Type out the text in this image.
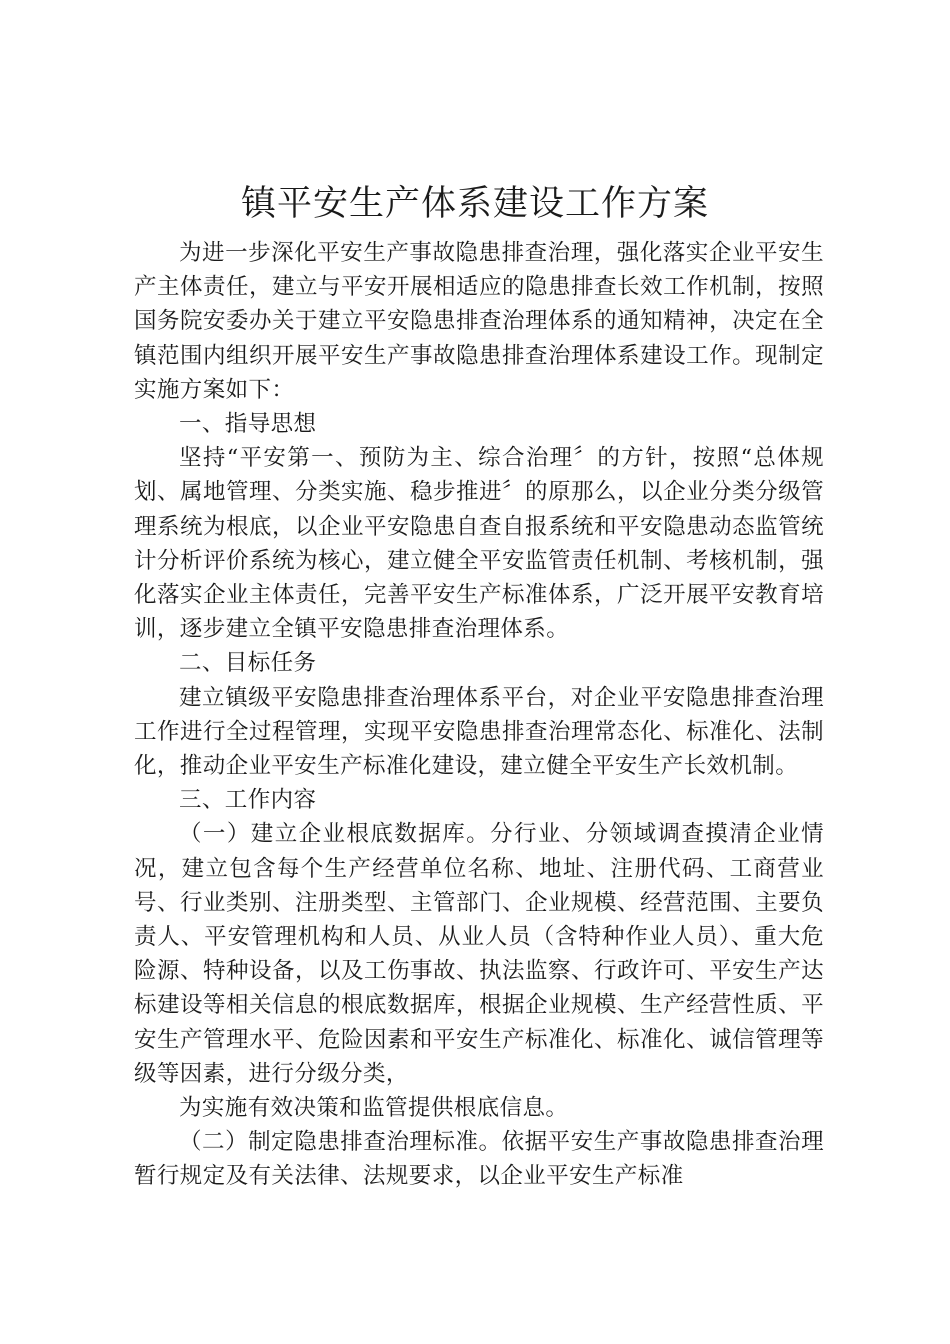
镇平安生产体系建设工作方案

为进一步深化平安生产事故隐患排查治理，强化落实企业平安生产主体责任，建立与平安开展相适应的隐患排查长效工作机制，按照国务院安委办关于建立平安隐患排查治理体系的通知精神，决定在全镇范围内组织开展平安生产事故隐患排查治理体系建设工作。现制定实施方案如下：

一、指导思想

坚持“平安第一、预防为主、综合治理〞的方针，按照“总体规划、属地管理、分类实施、稳步推进〞的原那么，以企业分类分级管理系统为根底，以企业平安隐患自查自报系统和平安隐患动态监管统计分析评价系统为核心，建立健全平安监管责任机制、考核机制，强化落实企业主体责任，完善平安生产标准体系，广泛开展平安教育培训，逐步建立全镇平安隐患排查治理体系。

二、目标任务

建立镇级平安隐患排查治理体系平台，对企业平安隐患排查治理工作进行全过程管理，实现平安隐患排查治理常态化、标准化、法制化，推动企业平安生产标准化建设，建立健全平安生产长效机制。

三、工作内容

（一）建立企业根底数据库。分行业、分领域调查摸清企业情况，建立包含每个生产经营单位名称、地址、注册代码、工商营业号、行业类别、注册类型、主管部门、企业规模、经营范围、主要负责人、平安管理机构和人员、从业人员（含特种作业人员）、重大危险源、特种设备，以及工伤事故、执法监察、行政许可、平安生产达标建设等相关信息的根底数据库，根据企业规模、生产经营性质、平安生产管理水平、危险因素和平安生产标准化、标准化、诚信管理等级等因素，进行分级分类，

为实施有效决策和监管提供根底信息。

（二）制定隐患排查治理标准。依据平安生产事故隐患排查治理暂行规定及有关法律、法规要求，以企业平安生产标准
